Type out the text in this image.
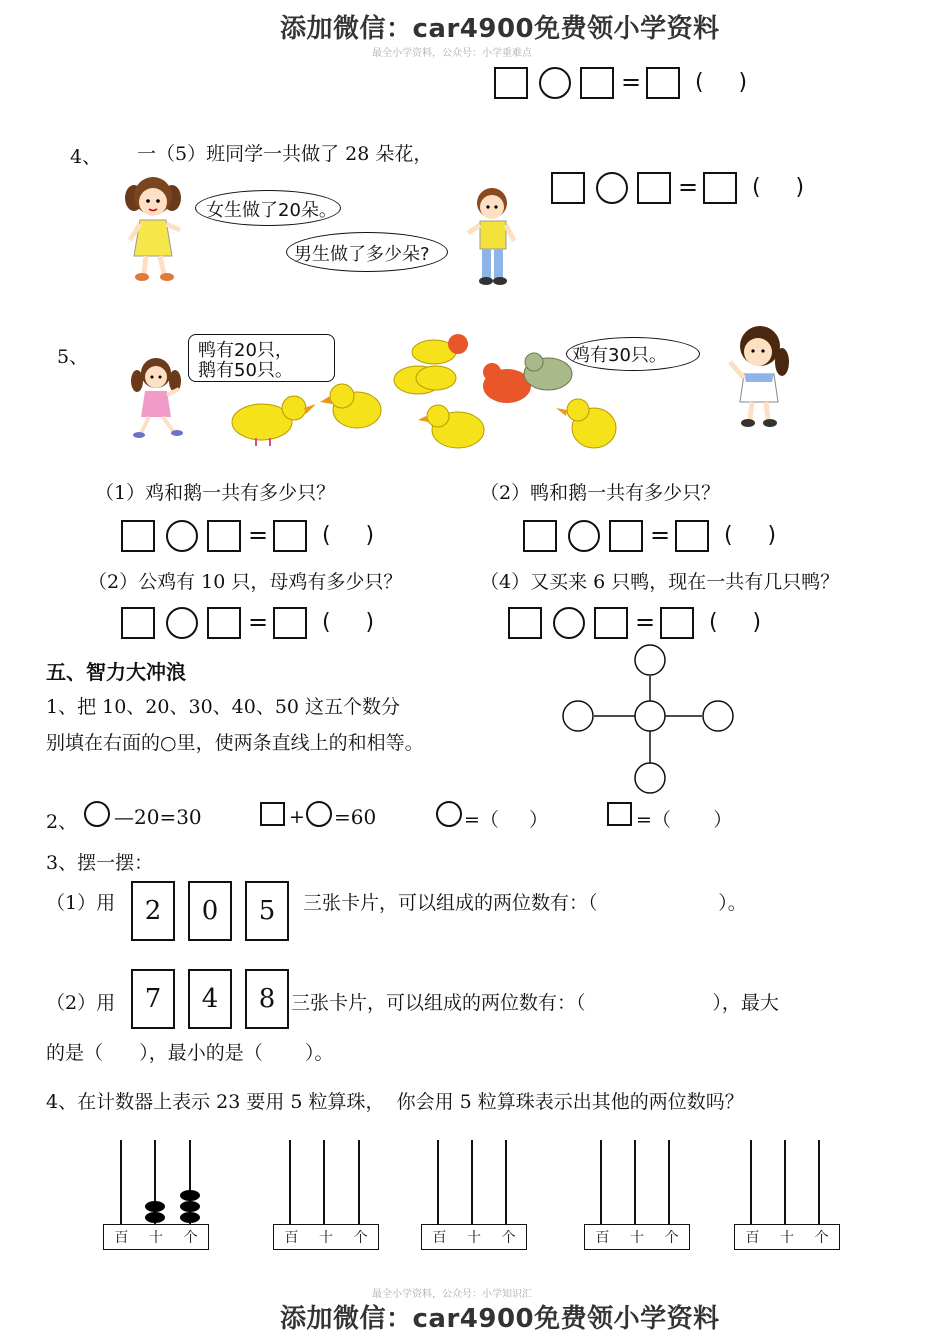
添加微信：car4900免费领小学资料
最全小学资料，公众号：小学重难点
= (     )
4、 一（5）班同学一共做了 28 朵花，
女生做了20朵。
男生做了多少朵?
= (     )
5、	鸭有20只，
鹅有50只。
鸡有30只。
（1）鸡和鹅一共有多少只？	（2）鸭和鹅一共有多少只？
= (     )	= (     )
（2）公鸡有 10 只，母鸡有多少只？	（4）又买来 6 只鸭，现在一共有几只鸭？
= (     )	= (     )
五、智力大冲浪
1、把 10、20、30、40、50 这五个数分
别填在右面的○里，使两条直线上的和相等。
2、 —20=30	+ =60	=（     ）	=（       ）
3、摆一摆：
（1）用	2	0	5	三张卡片，可以组成的两位数有：（                    ）。
（2）用	7	4	8 三张卡片，可以组成的两位数有：（                     ），最大
的是（      ），最小的是（       ）。
4、在计数器上表示 23 要用 5 粒算珠，  你会用 5 粒算珠表示出其他的两位数吗？
百 十 个	百 十 个	百 十 个	百 十 个	百 十 个
最全小学资料，公众号：小学知识汇
添加微信：car4900免费领小学资料
